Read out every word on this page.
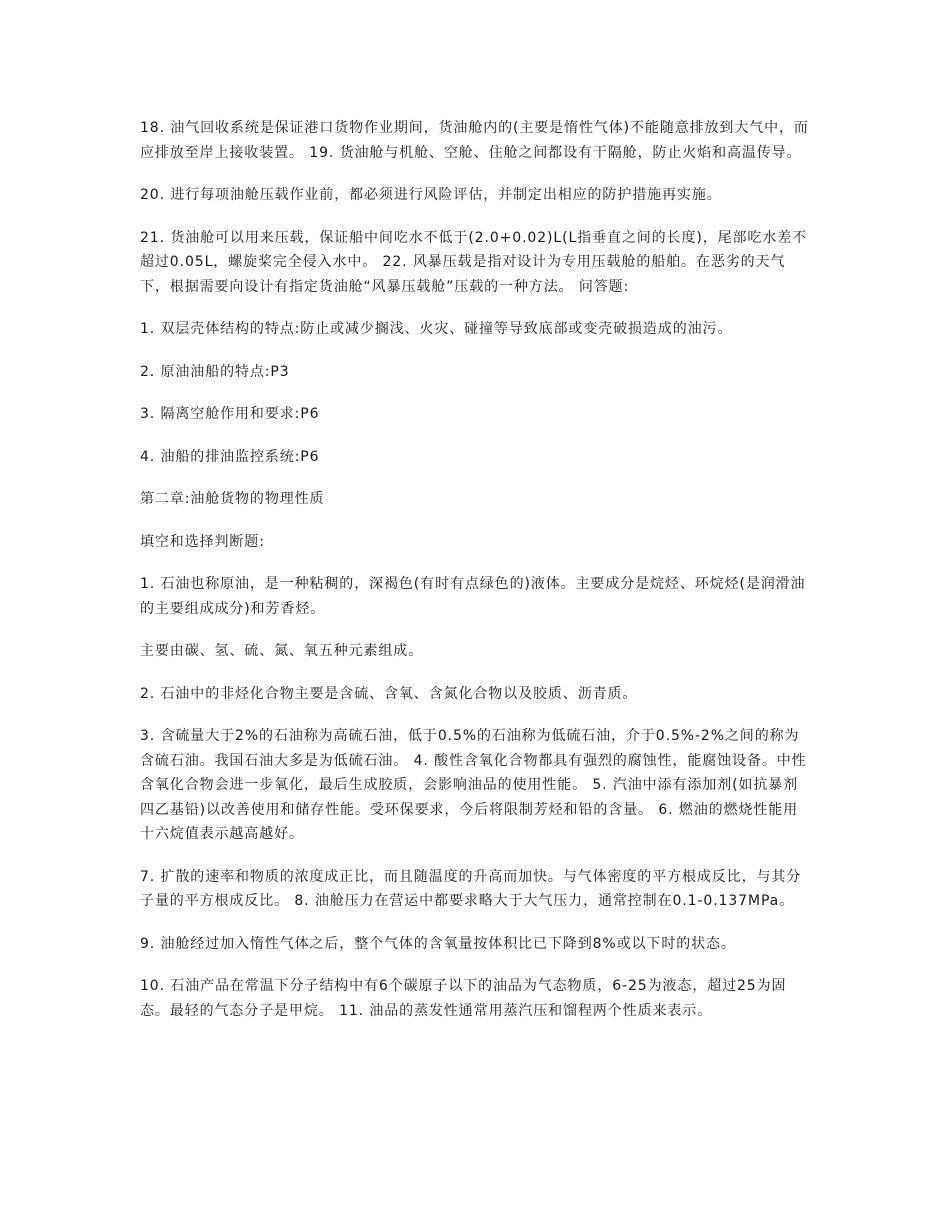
18. 油气回收系统是保证港口货物作业期间，货油舱内的(主要是惰性气体)不能随意排放到大气中，而应排放至岸上接收装置。 19. 货油舱与机舱、空舱、住舱之间都设有干隔舱，防止火焰和高温传导。

20. 进行每项油舱压载作业前，都必须进行风险评估，并制定出相应的防护措施再实施。

21. 货油舱可以用来压载，保证船中间吃水不低于(2.0+0.02)L(L指垂直之间的长度)，尾部吃水差不超过0.05L，螺旋桨完全侵入水中。 22. 风暴压载是指对设计为专用压载舱的船舶。在恶劣的天气下，根据需要向设计有指定货油舱“风暴压载舱”压载的一种方法。 问答题:

1. 双层壳体结构的特点:防止或减少搁浅、火灾、碰撞等导致底部或变壳破损造成的油污。

2. 原油油船的特点:P3

3. 隔离空舱作用和要求:P6

4. 油船的排油监控系统:P6

第二章:油舱货物的物理性质

填空和选择判断题:

1. 石油也称原油，是一种粘稠的，深褐色(有时有点绿色的)液体。主要成分是烷烃、环烷烃(是润滑油的主要组成成分)和芳香烃。

主要由碳、氢、硫、氮、氧五种元素组成。

2. 石油中的非烃化合物主要是含硫、含氧、含氮化合物以及胶质、沥青质。

3. 含硫量大于2%的石油称为高硫石油，低于0.5%的石油称为低硫石油，介于0.5%-2%之间的称为含硫石油。我国石油大多是为低硫石油。 4. 酸性含氧化合物都具有强烈的腐蚀性，能腐蚀设备。中性含氧化合物会进一步氧化，最后生成胶质，会影响油品的使用性能。 5. 汽油中添有添加剂(如抗暴剂四乙基铅)以改善使用和储存性能。受环保要求，今后将限制芳烃和铅的含量。 6. 燃油的燃烧性能用十六烷值表示越高越好。

7. 扩散的速率和物质的浓度成正比，而且随温度的升高而加快。与气体密度的平方根成反比，与其分子量的平方根成反比。 8. 油舱压力在营运中都要求略大于大气压力，通常控制在0.1-0.137MPa。

9. 油舱经过加入惰性气体之后，整个气体的含氧量按体积比已下降到8%或以下时的状态。

10. 石油产品在常温下分子结构中有6个碳原子以下的油品为气态物质，6-25为液态，超过25为固态。最轻的气态分子是甲烷。 11. 油品的蒸发性通常用蒸汽压和馏程两个性质来表示。
